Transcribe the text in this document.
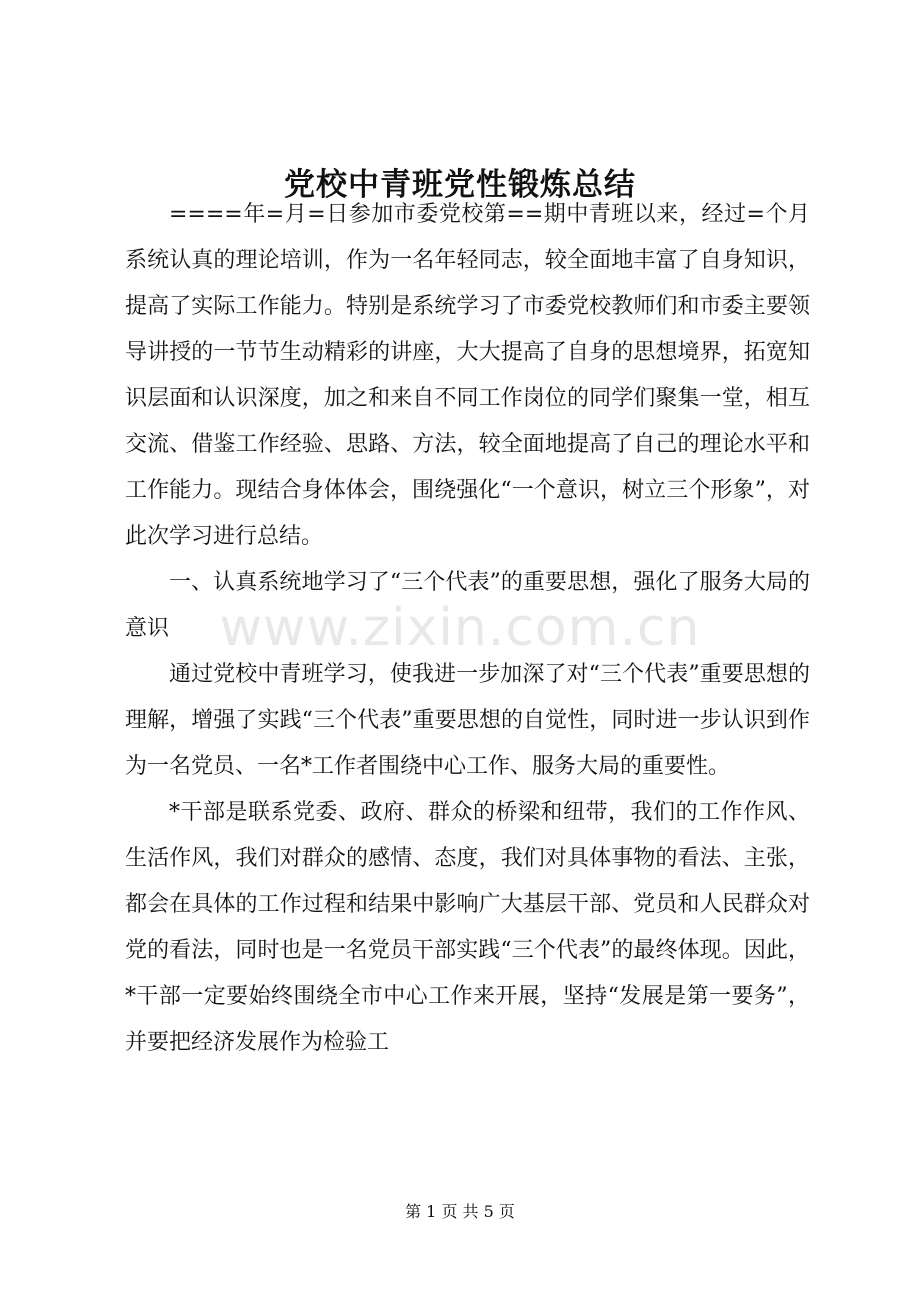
党校中青班党性锻炼总结

====年=月=日参加市委党校第==期中青班以来，经过=个月系统认真的理论培训，作为一名年轻同志，较全面地丰富了自身知识，提高了实际工作能力。特别是系统学习了市委党校教师们和市委主要领导讲授的一节节生动精彩的讲座，大大提高了自身的思想境界，拓宽知识层面和认识深度，加之和来自不同工作岗位的同学们聚集一堂，相互交流、借鉴工作经验、思路、方法，较全面地提高了自己的理论水平和工作能力。现结合身体体会，围绕强化“一个意识，树立三个形象”，对此次学习进行总结。

一、认真系统地学习了“三个代表”的重要思想，强化了服务大局的意识

通过党校中青班学习，使我进一步加深了对“三个代表”重要思想的理解，增强了实践“三个代表”重要思想的自觉性，同时进一步认识到作为一名党员、一名*工作者围绕中心工作、服务大局的重要性。

*干部是联系党委、政府、群众的桥梁和纽带，我们的工作作风、生活作风，我们对群众的感情、态度，我们对具体事物的看法、主张，都会在具体的工作过程和结果中影响广大基层干部、党员和人民群众对党的看法，同时也是一名党员干部实践“三个代表”的最终体现。因此，*干部一定要始终围绕全市中心工作来开展，坚持“发展是第一要务”，并要把经济发展作为检验工

www.zixin.com.cn
第 1 页 共 5 页
